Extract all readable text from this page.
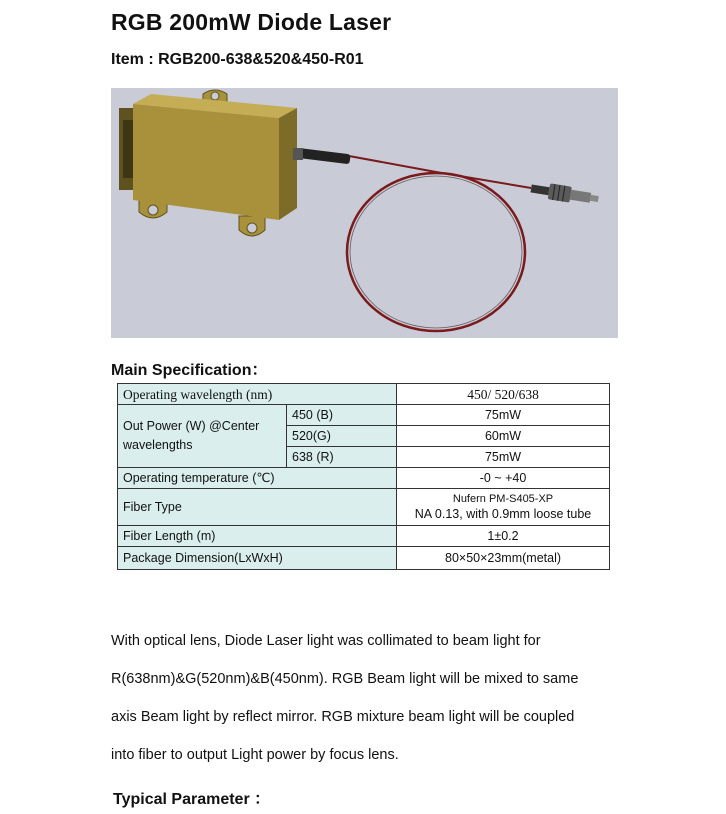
RGB 200mW Diode Laser
Item : RGB200-638&520&450-R01
Main Specification：
Operating wavelength (nm)		450/ 520/638
Out Power (W) @Center wavelengths	450 (B)	75mW
	520(G)	60mW
	638 (R)	75mW
Operating temperature (℃)		-0 ~ +40
Fiber Type		Nufern PM-S405-XP
NA 0.13, with 0.9mm loose tube

Fiber Length (m)		1±0.2
Package Dimension(LxWxH)		80×50×23mm(metal)

With optical lens, Diode Laser light was collimated to beam light for
R(638nm)&G(520nm)&B(450nm). RGB Beam light will be mixed to same
axis Beam light by reflect mirror. RGB mixture beam light will be coupled
into fiber to output Light power by focus lens.

Typical Parameter ：
